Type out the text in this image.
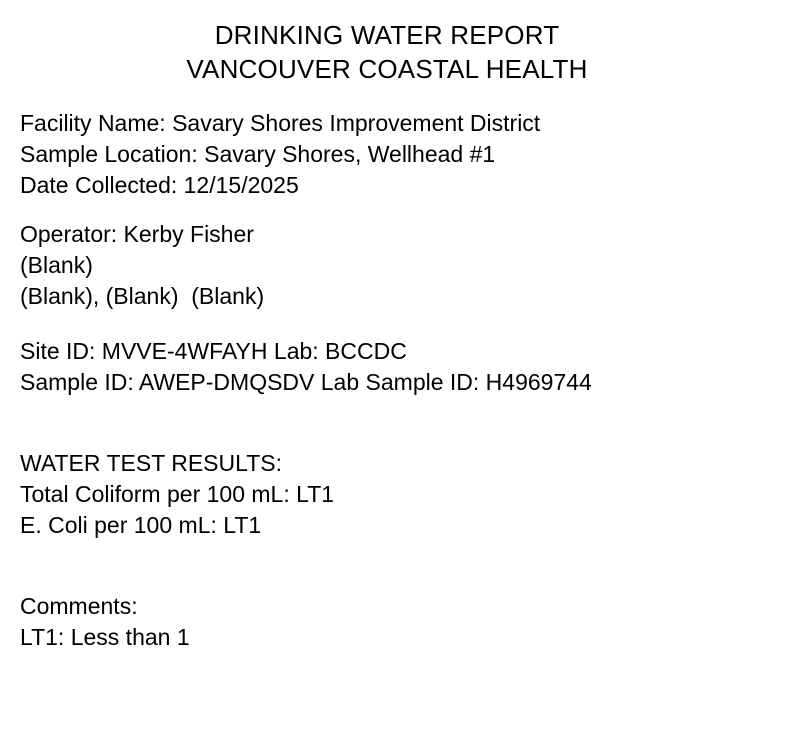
DRINKING WATER REPORT
VANCOUVER COASTAL HEALTH
Facility Name: Savary Shores Improvement District
Sample Location: Savary Shores, Wellhead #1
Date Collected: 12/15/2025
Operator: Kerby Fisher
(Blank)
(Blank), (Blank)  (Blank)
Site ID: MVVE-4WFAYH Lab: BCCDC
Sample ID: AWEP-DMQSDV Lab Sample ID: H4969744
WATER TEST RESULTS:
Total Coliform per 100 mL: LT1
E. Coli per 100 mL: LT1
Comments:
LT1: Less than 1
